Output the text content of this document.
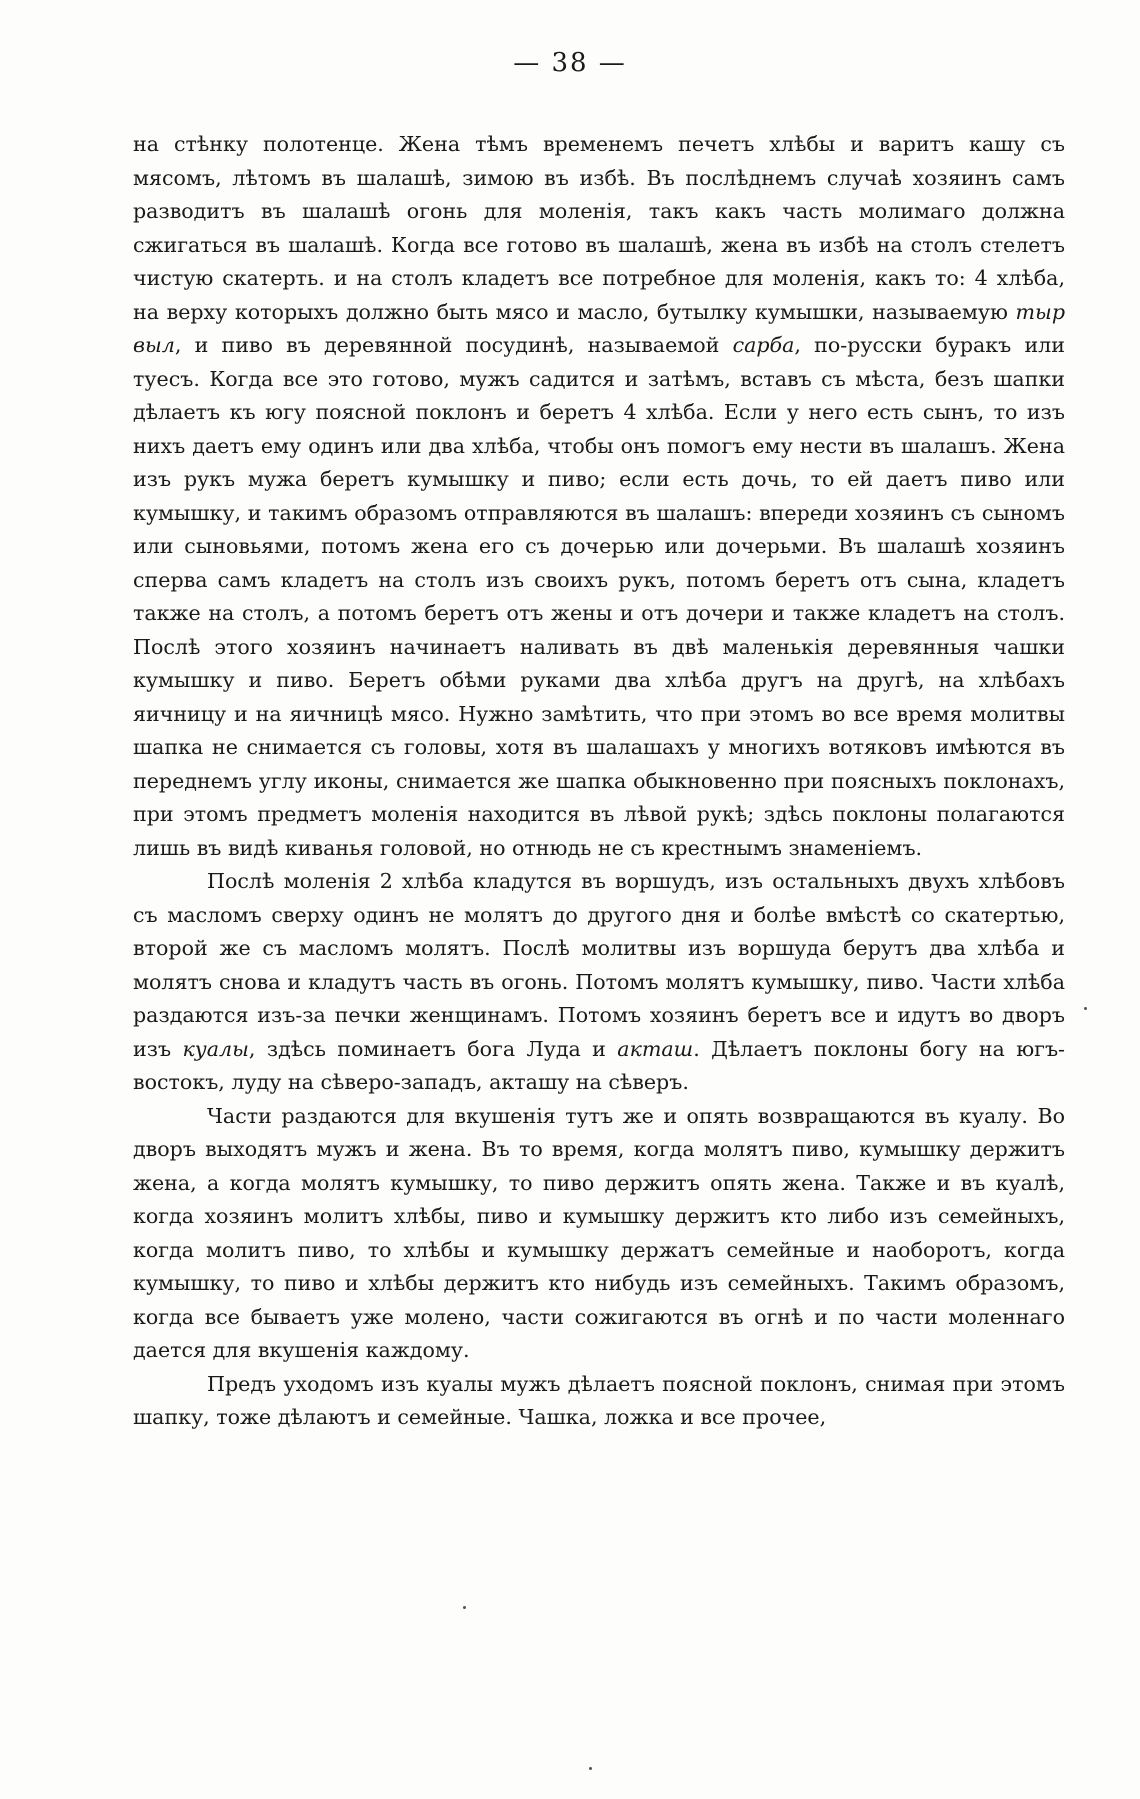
— 38 —

на стѣнку полотенце. Жена тѣмъ временемъ печетъ хлѣбы и варитъ кашу съ мясомъ, лѣтомъ въ шалашѣ, зимою въ избѣ. Въ послѣднемъ случаѣ хозяинъ самъ разводитъ въ шалашѣ огонь для моленія, такъ какъ часть молимаго должна сжигаться въ шалашѣ. Когда все готово въ шалашѣ, жена въ избѣ на столъ стелетъ чистую скатерть. и на столъ кладетъ все потребное для моленія, какъ то: 4 хлѣба, на верху которыхъ должно быть мясо и масло, бутылку кумышки, называемую тыр выл, и пиво въ деревянной посудинѣ, называемой сарба, по-русски буракъ или туесъ. Когда все это готово, мужъ садится и затѣмъ, вставъ съ мѣста, безъ шапки дѣлаетъ къ югу поясной поклонъ и беретъ 4 хлѣба. Если у него есть сынъ, то изъ нихъ даетъ ему одинъ или два хлѣба, чтобы онъ помогъ ему нести въ шалашъ. Жена изъ рукъ мужа беретъ кумышку и пиво; если есть дочь, то ей даетъ пиво или кумышку, и такимъ образомъ отправляются въ шалашъ: впереди хозяинъ съ сыномъ или сыновьями, потомъ жена его съ дочерью или дочерьми. Въ шалашѣ хозяинъ сперва самъ кладетъ на столъ изъ своихъ рукъ, потомъ беретъ отъ сына, кладетъ также на столъ, а потомъ беретъ отъ жены и отъ дочери и также кладетъ на столъ. Послѣ этого хозяинъ начинаетъ наливать въ двѣ маленькія деревянныя чашки кумышку и пиво. Беретъ обѣми руками два хлѣба другъ на другѣ, на хлѣбахъ яичницу и на яичницѣ мясо. Нужно замѣтить, что при этомъ во все время молитвы шапка не снимается съ головы, хотя въ шалашахъ у многихъ вотяковъ имѣются въ переднемъ углу иконы, снимается же шапка обыкновенно при поясныхъ поклонахъ, при этомъ предметъ моленія находится въ лѣвой рукѣ; здѣсь поклоны полагаются лишь въ видѣ киванья головой, но отнюдь не съ крестнымъ знаменіемъ.

Послѣ моленія 2 хлѣба кладутся въ воршудъ, изъ остальныхъ двухъ хлѣбовъ съ масломъ сверху одинъ не молятъ до другого дня и болѣе вмѣстѣ со скатертью, второй же съ масломъ молятъ. Послѣ молитвы изъ воршуда берутъ два хлѣба и молятъ снова и кладутъ часть въ огонь. Потомъ молятъ кумышку, пиво. Части хлѣба раздаются изъ-за печки женщинамъ. Потомъ хозяинъ беретъ все и идутъ во дворъ изъ куалы, здѣсь поминаетъ бога Луда и акташ. Дѣлаетъ поклоны богу на югъ-востокъ, луду на сѣверо-западъ, акташу на сѣверъ.

Части раздаются для вкушенія тутъ же и опять возвращаются въ куалу. Во дворъ выходятъ мужъ и жена. Въ то время, когда молятъ пиво, кумышку держитъ жена, а когда молятъ кумышку, то пиво держитъ опять жена. Также и въ куалѣ, когда хозяинъ молитъ хлѣбы, пиво и кумышку держитъ кто либо изъ семейныхъ, когда молитъ пиво, то хлѣбы и кумышку держатъ семейные и наоборотъ, когда кумышку, то пиво и хлѣбы держитъ кто нибудь изъ семейныхъ. Такимъ образомъ, когда все бываетъ уже молено, части сожигаются въ огнѣ и по части моленнаго дается для вкушенія каждому.

Предъ уходомъ изъ куалы мужъ дѣлаетъ поясной поклонъ, снимая при этомъ шапку, тоже дѣлаютъ и семейные. Чашка, ложка и все прочее,
